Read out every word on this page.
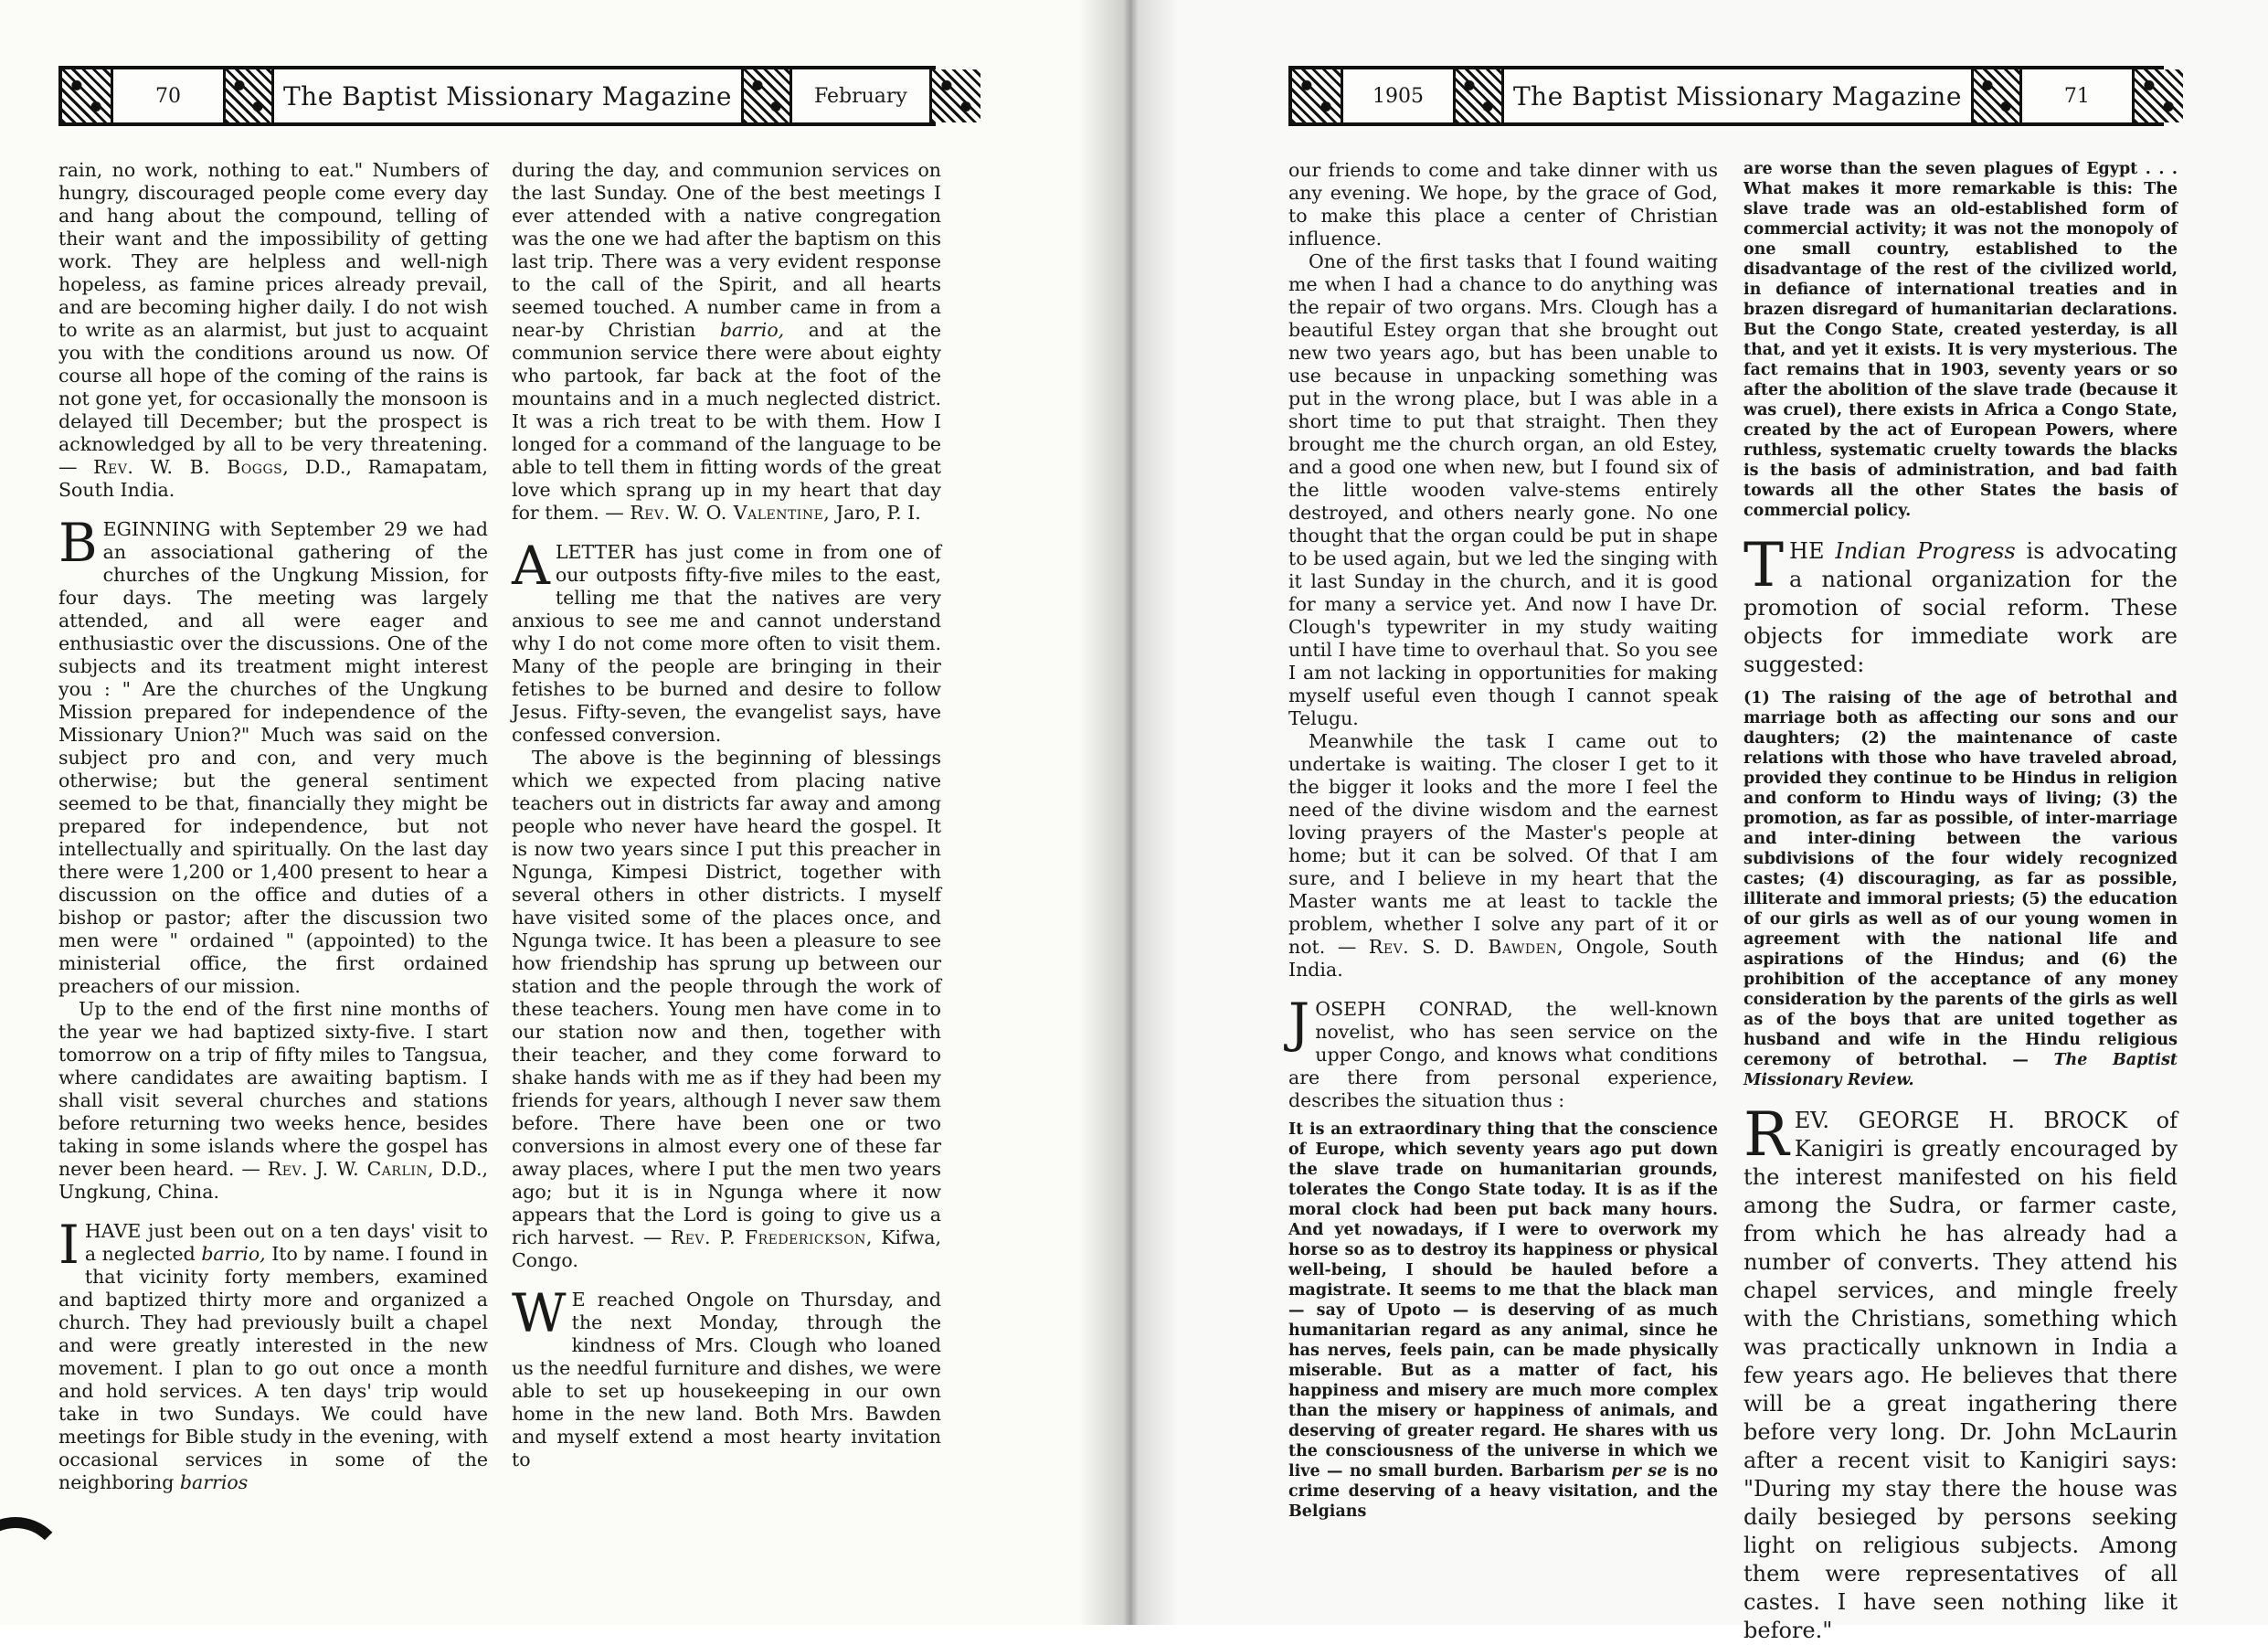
70	The Baptist Missionary Magazine	February	1905	The Baptist Missionary Magazine	71

rain, no work, nothing to eat." Numbers of hungry, discouraged people come every day and hang about the compound, telling of their want and the impossibility of getting work. They are helpless and well-nigh hopeless, as famine prices already prevail, and are becoming higher daily. I do not wish to write as an alarmist, but just to acquaint you with the conditions around us now. Of course all hope of the coming of the rains is not gone yet, for occasionally the monsoon is delayed till December; but the prospect is acknowledged by all to be very threatening. — Rev. W. B. Boggs, D.D., Ramapatam, South India.

BEGINNING with September 29 we had an associational gathering of the churches of the Ungkung Mission, for four days. The meeting was largely attended, and all were eager and enthusiastic over the discussions. One of the subjects and its treatment might interest you : " Are the churches of the Ungkung Mission prepared for independence of the Missionary Union?" Much was said on the subject pro and con, and very much otherwise; but the general sentiment seemed to be that, financially they might be prepared for independence, but not intellectually and spiritually. On the last day there were 1,200 or 1,400 present to hear a discussion on the office and duties of a bishop or pastor; after the discussion two men were " ordained " (appointed) to the ministerial office, the first ordained preachers of our mission.

Up to the end of the first nine months of the year we had baptized sixty-five. I start tomorrow on a trip of fifty miles to Tangsua, where candidates are awaiting baptism. I shall visit several churches and stations before returning two weeks hence, besides taking in some islands where the gospel has never been heard. — Rev. J. W. Carlin, D.D., Ungkung, China.

IHAVE just been out on a ten days' visit to a neglected barrio, Ito by name. I found in that vicinity forty members, examined and baptized thirty more and organized a church. They had previously built a chapel and were greatly interested in the new movement. I plan to go out once a month and hold services. A ten days' trip would take in two Sundays. We could have meetings for Bible study in the evening, with occasional services in some of the neighboring barrios

during the day, and communion services on the last Sunday. One of the best meetings I ever attended with a native congregation was the one we had after the baptism on this last trip. There was a very evident response to the call of the Spirit, and all hearts seemed touched. A number came in from a near-by Christian barrio, and at the communion service there were about eighty who partook, far back at the foot of the mountains and in a much neglected district. It was a rich treat to be with them. How I longed for a command of the language to be able to tell them in fitting words of the great love which sprang up in my heart that day for them. — Rev. W. O. Valentine, Jaro, P. I.

ALETTER has just come in from one of our outposts fifty-five miles to the east, telling me that the natives are very anxious to see me and cannot understand why I do not come more often to visit them. Many of the people are bringing in their fetishes to be burned and desire to follow Jesus. Fifty-seven, the evangelist says, have confessed conversion.

The above is the beginning of blessings which we expected from placing native teachers out in districts far away and among people who never have heard the gospel. It is now two years since I put this preacher in Ngunga, Kimpesi District, together with several others in other districts. I myself have visited some of the places once, and Ngunga twice. It has been a pleasure to see how friendship has sprung up between our station and the people through the work of these teachers. Young men have come in to our station now and then, together with their teacher, and they come forward to shake hands with me as if they had been my friends for years, although I never saw them before. There have been one or two conversions in almost every one of these far away places, where I put the men two years ago; but it is in Ngunga where it now appears that the Lord is going to give us a rich harvest. — Rev. P. Frederickson, Kifwa, Congo.

W E reached Ongole on Thursday, and the next Monday, through the kindness of Mrs. Clough who loaned us the needful furniture and dishes, we were able to set up housekeeping in our own home in the new land. Both Mrs. Bawden and myself extend a most hearty invitation to

our friends to come and take dinner with us any evening. We hope, by the grace of God, to make this place a center of Christian influence.

One of the first tasks that I found waiting me when I had a chance to do anything was the repair of two organs. Mrs. Clough has a beautiful Estey organ that she brought out new two years ago, but has been unable to use because in unpacking something was put in the wrong place, but I was able in a short time to put that straight. Then they brought me the church organ, an old Estey, and a good one when new, but I found six of the little wooden valve-stems entirely destroyed, and others nearly gone. No one thought that the organ could be put in shape to be used again, but we led the singing with it last Sunday in the church, and it is good for many a service yet. And now I have Dr. Clough's typewriter in my study waiting until I have time to overhaul that. So you see I am not lacking in opportunities for making myself useful even though I cannot speak Telugu.

Meanwhile the task I came out to undertake is waiting. The closer I get to it the bigger it looks and the more I feel the need of the divine wisdom and the earnest loving prayers of the Master's people at home; but it can be solved. Of that I am sure, and I believe in my heart that the Master wants me at least to tackle the problem, whether I solve any part of it or not. — Rev. S. D. Bawden, Ongole, South India.

JOSEPH CONRAD, the well-known novelist, who has seen service on the upper Congo, and knows what conditions are there from personal experience, describes the situation thus :

It is an extraordinary thing that the conscience of Europe, which seventy years ago put down the slave trade on humanitarian grounds, tolerates the Congo State today. It is as if the moral clock had been put back many hours. And yet nowadays, if I were to overwork my horse so as to destroy its happiness or physical well-being, I should be hauled before a magistrate. It seems to me that the black man — say of Upoto — is deserving of as much humanitarian regard as any animal, since he has nerves, feels pain, can be made physically miserable. But as a matter of fact, his happiness and misery are much more complex than the misery or happiness of animals, and deserving of greater regard. He shares with us the consciousness of the universe in which we live — no small burden. Barbarism per se is no crime deserving of a heavy visitation, and the Belgians

are worse than the seven plagues of Egypt . . . What makes it more remarkable is this: The slave trade was an old-established form of commercial activity; it was not the monopoly of one small country, established to the disadvantage of the rest of the civilized world, in defiance of international treaties and in brazen disregard of humanitarian declarations. But the Congo State, created yesterday, is all that, and yet it exists. It is very mysterious. The fact remains that in 1903, seventy years or so after the abolition of the slave trade (because it was cruel), there exists in Africa a Congo State, created by the act of European Powers, where ruthless, systematic cruelty towards the blacks is the basis of administration, and bad faith towards all the other States the basis of commercial policy.

THE Indian Progress is advocating a national organization for the promotion of social reform. These objects for immediate work are suggested:

(1) The raising of the age of betrothal and marriage both as affecting our sons and our daughters; (2) the maintenance of caste relations with those who have traveled abroad, provided they continue to be Hindus in religion and conform to Hindu ways of living; (3) the promotion, as far as possible, of inter-marriage and inter-dining between the various subdivisions of the four widely recognized castes; (4) discouraging, as far as possible, illiterate and immoral priests; (5) the education of our girls as well as of our young women in agreement with the national life and aspirations of the Hindus; and (6) the prohibition of the acceptance of any money consideration by the parents of the girls as well as of the boys that are united together as husband and wife in the Hindu religious ceremony of betrothal. — The Baptist Missionary Review.

REV. GEORGE H. BROCK of Kanigiri is greatly encouraged by the interest manifested on his field among the Sudra, or farmer caste, from which he has already had a number of converts. They attend his chapel services, and mingle freely with the Christians, something which was practically unknown in India a few years ago. He believes that there will be a great ingathering there before very long. Dr. John McLaurin after a recent visit to Kanigiri says: "During my stay there the house was daily besieged by persons seeking light on religious subjects. Among them were representatives of all castes. I have seen nothing like it before."
